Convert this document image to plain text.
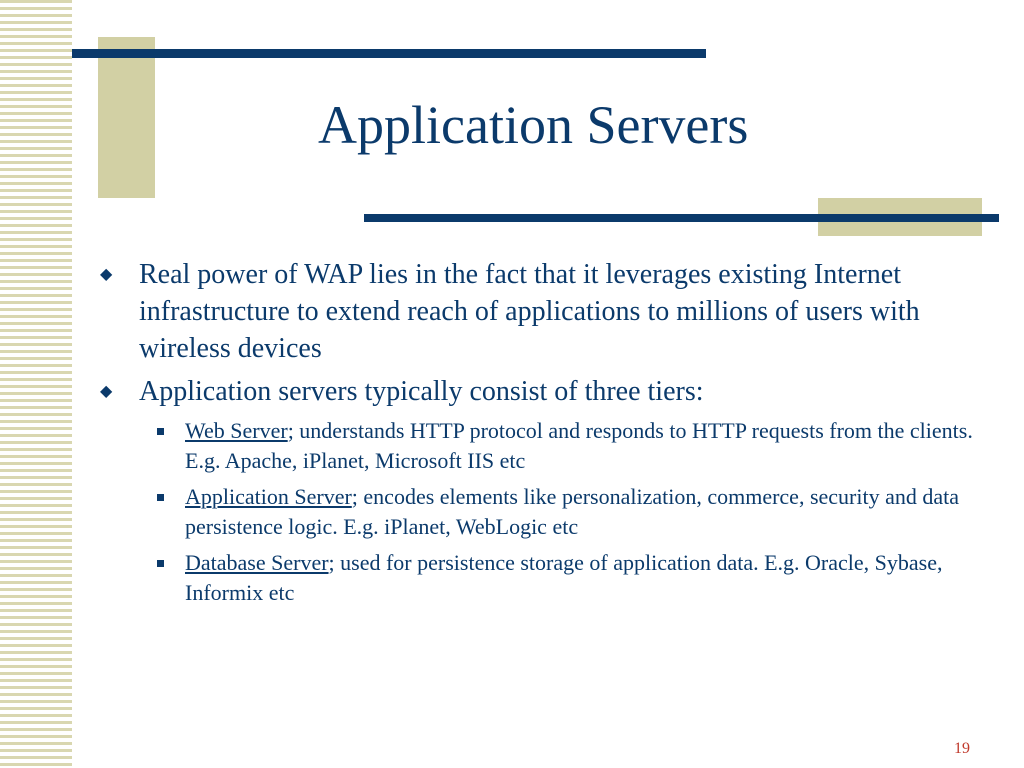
Application Servers
◆ Real power of WAP lies in the fact that it leverages existing Internet infrastructure to extend reach of applications to millions of users with wireless devices
◆ Application servers typically consist of three tiers:
Web Server; understands HTTP protocol and responds to HTTP requests from the clients. E.g. Apache, iPlanet, Microsoft IIS etc
Application Server; encodes elements like personalization, commerce, security and data persistence logic. E.g. iPlanet, WebLogic etc
Database Server; used for persistence storage of application data. E.g. Oracle, Sybase, Informix etc
19
